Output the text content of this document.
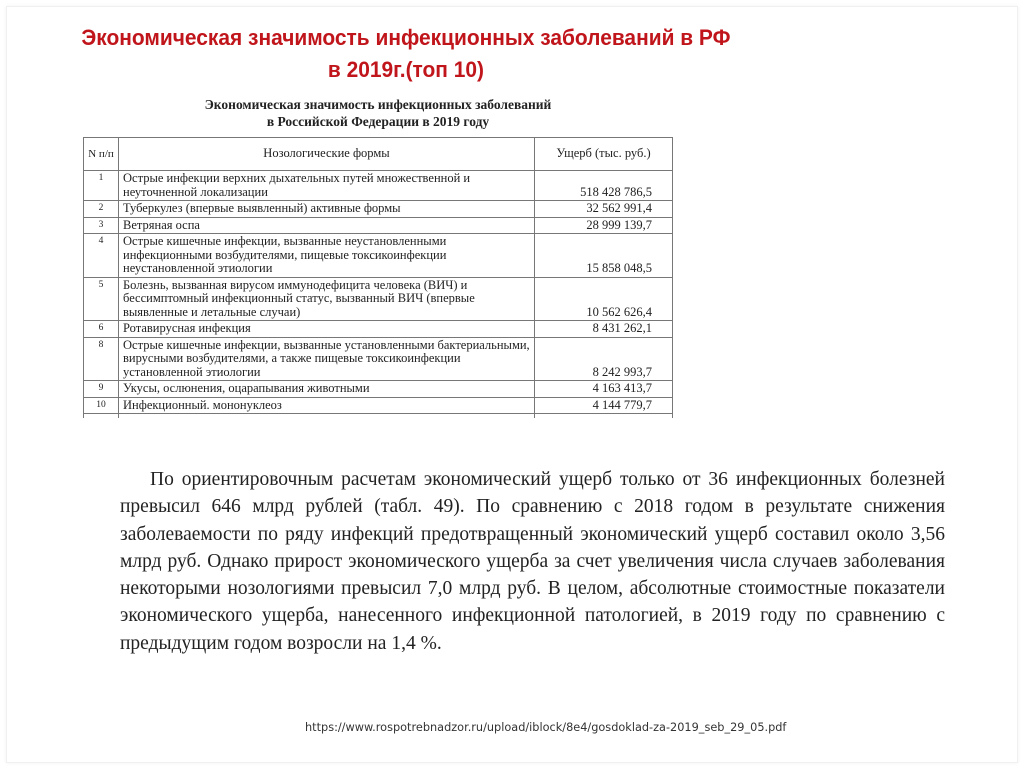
Экономическая значимость инфекционных заболеваний в РФ
в 2019г.(топ 10)
Экономическая значимость инфекционных заболеваний
в Российской Федерации в 2019 году
N п/п	Нозологические формы	Ущерб (тыс. руб.)
1	Острые инфекции верхних дыхательных путей множественной и неуточненной локализации	518 428 786,5
2	Туберкулез (впервые выявленный) активные формы	32 562 991,4
3	Ветряная оспа	28 999 139,7
4	Острые кишечные инфекции, вызванные неустановленными инфекционными возбудителями, пищевые токсикоинфекции неустановленной этиологии	15 858 048,5
5	Болезнь, вызванная вирусом иммунодефицита человека (ВИЧ) и бессимптомный инфекционный статус, вызванный ВИЧ (впервые выявленные и летальные случаи)	10 562 626,4
6	Ротавирусная инфекция	8 431 262,1
8	Острые кишечные инфекции, вызванные установленными бактериальными, вирусными возбудителями, а также пищевые токсикоинфекции установленной этиологии	8 242 993,7
9	Укусы, ослюнения, оцарапывания животными	4 163 413,7
10	Инфекционный. мононуклеоз	4 144 779,7

По ориентировочным расчетам экономический ущерб только от 36 инфекционных болезней превысил 646 млрд рублей (табл. 49). По сравнению с 2018 годом в результате снижения заболеваемости по ряду инфекций предотвращенный экономический ущерб составил около 3,56 млрд руб. Однако прирост экономического ущерба за счет увеличения числа случаев заболевания некоторыми нозологиями превысил 7,0 млрд руб. В целом, абсолютные стоимостные показатели экономического ущерба, нанесенного инфекционной патологией, в 2019 году по сравнению с предыдущим годом возросли на 1,4 %.
https://www.rospotrebnadzor.ru/upload/iblock/8e4/gosdoklad-za-2019_seb_29_05.pdf
